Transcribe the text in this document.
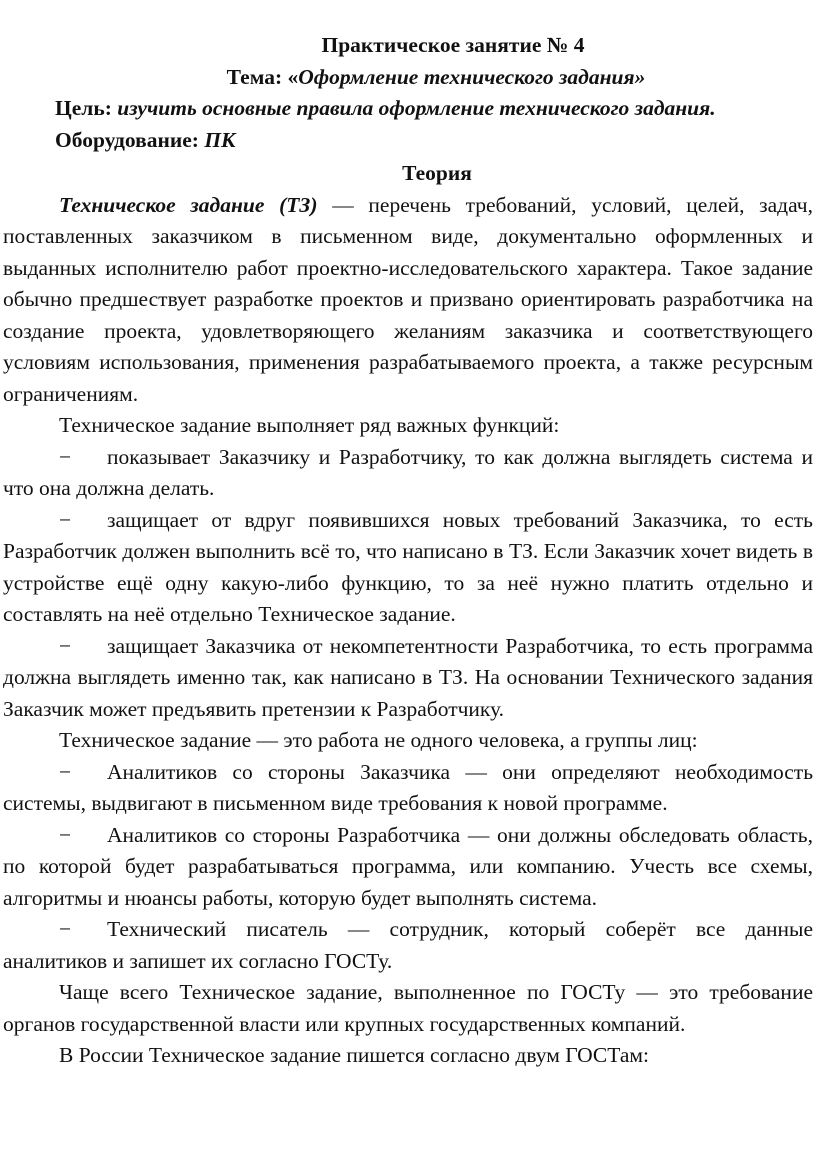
Практическое занятие № 4
Тема: «Оформление технического задания»
Цель: изучить основные правила оформление технического задания.
Оборудование: ПК
Теория

Техническое задание (ТЗ) — перечень требований, условий, целей, задач, поставленных заказчиком в письменном виде, документально оформленных и выданных исполнителю работ проектно-исследовательского характера. Такое задание обычно предшествует разработке проектов и призвано ориентировать разработчика на создание проекта, удовлетворяющего желаниям заказчика и соответствующего условиям использования, применения разрабатываемого проекта, а также ресурсным ограничениям.

Техническое задание выполняет ряд важных функций:

− показывает Заказчику и Разработчику, то как должна выглядеть система и что она должна делать.

− защищает от вдруг появившихся новых требований Заказчика, то есть Разработчик должен выполнить всё то, что написано в ТЗ. Если Заказчик хочет видеть в устройстве ещё одну какую-либо функцию, то за неё нужно платить отдельно и составлять на неё отдельно Техническое задание.

− защищает Заказчика от некомпетентности Разработчика, то есть программа должна выглядеть именно так, как написано в ТЗ. На основании Технического задания Заказчик может предъявить претензии к Разработчику.

Техническое задание — это работа не одного человека, а группы лиц:

− Аналитиков со стороны Заказчика — они определяют необходимость системы, выдвигают в письменном виде требования к новой программе.

− Аналитиков со стороны Разработчика — они должны обследовать область, по которой будет разрабатываться программа, или компанию. Учесть все схемы, алгоритмы и нюансы работы, которую будет выполнять система.

− Технический писатель — сотрудник, который соберёт все данные аналитиков и запишет их согласно ГОСТу.

Чаще всего Техническое задание, выполненное по ГОСТу — это требование органов государственной власти или крупных государственных компаний.

В России Техническое задание пишется согласно двум ГОСТам:
